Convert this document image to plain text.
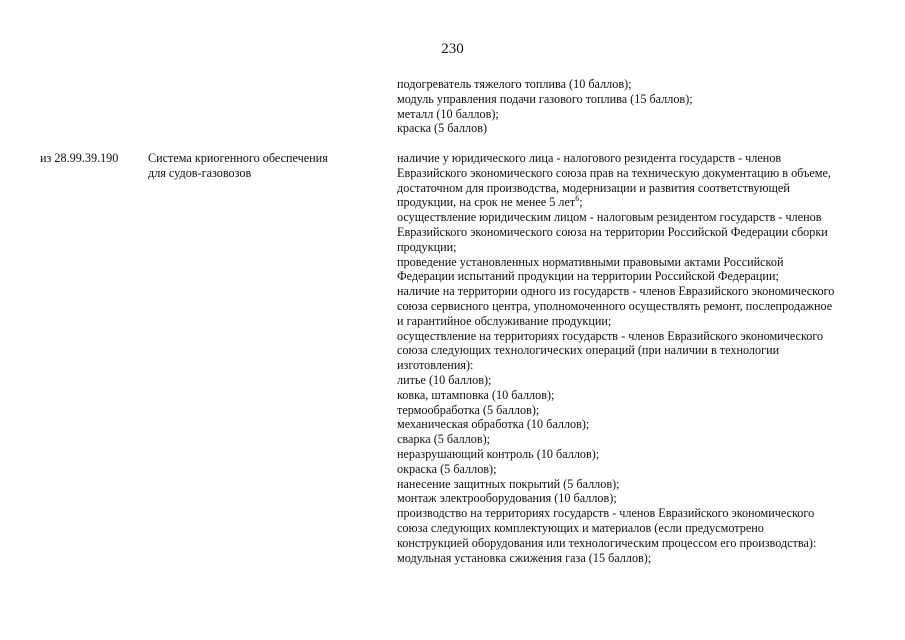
230
подогреватель тяжелого топлива (10 баллов);
модуль управления подачи газового топлива (15 баллов);
металл (10 баллов);
краска (5 баллов)
из 28.99.39.190 Система криогенного обеспечения
для судов-газовозов
наличие у юридического лица - налогового резидента государств - членов
Евразийского экономического союза прав на техническую документацию в объеме,
достаточном для производства, модернизации и развития соответствующей
продукции, на срок не менее 5 лет$^6$;
осуществление юридическим лицом - налоговым резидентом государств - членов
Евразийского экономического союза на территории Российской Федерации сборки
продукции;
проведение установленных нормативными правовыми актами Российской
Федерации испытаний продукции на территории Российской Федерации;
наличие на территории одного из государств - членов Евразийского экономического
союза сервисного центра, уполномоченного осуществлять ремонт, послепродажное
и гарантийное обслуживание продукции;
осуществление на территориях государств - членов Евразийского экономического
союза следующих технологических операций (при наличии в технологии
изготовления):
литье (10 баллов);
ковка, штамповка (10 баллов);
термообработка (5 баллов);
механическая обработка (10 баллов);
сварка (5 баллов);
неразрушающий контроль (10 баллов);
окраска (5 баллов);
нанесение защитных покрытий (5 баллов);
монтаж электрооборудования (10 баллов);
производство на территориях государств - членов Евразийского экономического
союза следующих комплектующих и материалов (если предусмотрено
конструкцией оборудования или технологическим процессом его производства):
модульная установка сжижения газа (15 баллов);
